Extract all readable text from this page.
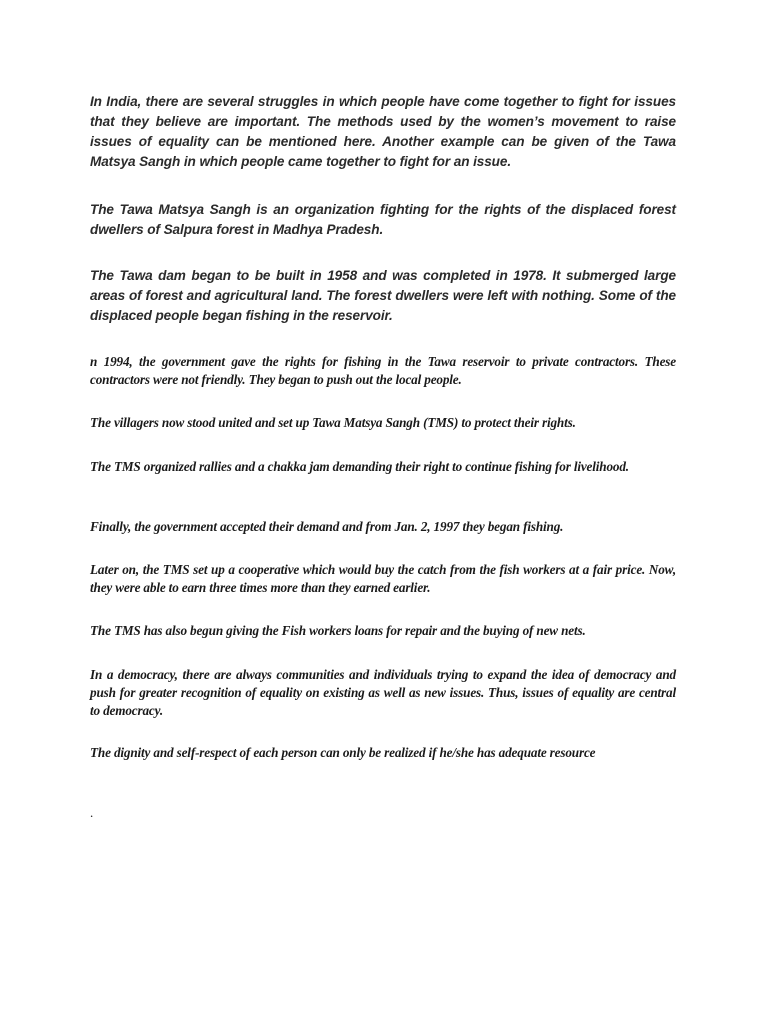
In India, there are several struggles in which people have come together to fight for issues that they believe are important. The methods used by the women’s movement to raise issues of equality can be mentioned here. Another example can be given of the Tawa Matsya Sangh in which people came together to fight for an issue.

The Tawa Matsya Sangh is an organization fighting for the rights of the displaced forest dwellers of Salpura forest in Madhya Pradesh.

The Tawa dam began to be built in 1958 and was completed in 1978. It submerged large areas of forest and agricultural land. The forest dwellers were left with nothing. Some of the displaced people began fishing in the reservoir.

n 1994, the government gave the rights for fishing in the Tawa reservoir to private contractors. These contractors were not friendly. They began to push out the local people.

The villagers now stood united and set up Tawa Matsya Sangh (TMS) to protect their rights.

The TMS organized rallies and a chakka jam demanding their right to continue fishing for livelihood.

Finally, the government accepted their demand and from Jan. 2, 1997 they began fishing.

Later on, the TMS set up a cooperative which would buy the catch from the fish workers at a fair price. Now, they were able to earn three times more than they earned earlier.

The TMS has also begun giving the Fish workers loans for repair and the buying of new nets.

In a democracy, there are always communities and individuals trying to expand the idea of democracy and push for greater recognition of equality on existing as well as new issues. Thus, issues of equality are central to democracy.

The dignity and self-respect of each person can only be realized if he/she has adequate resource

.
